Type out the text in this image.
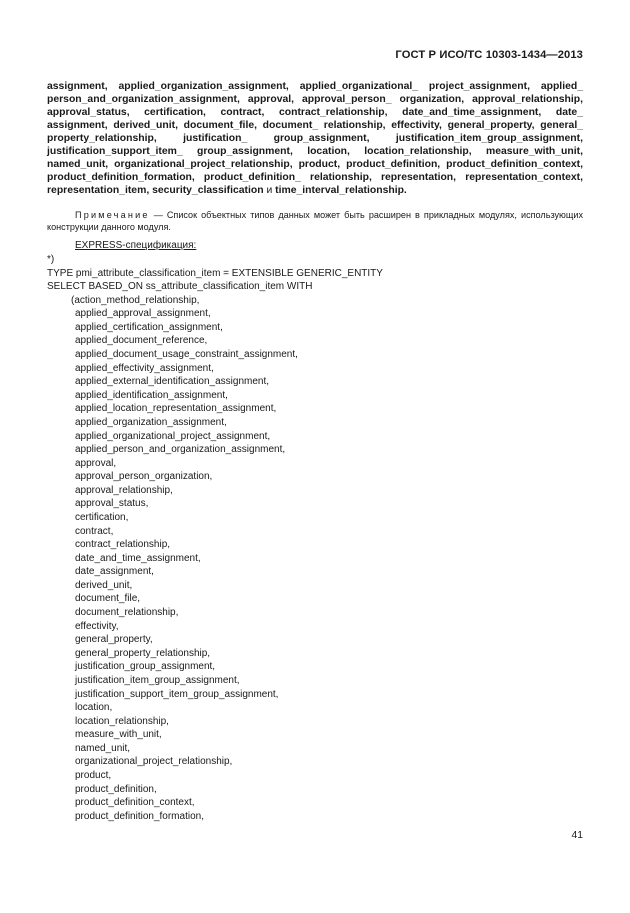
ГОСТ Р ИСО/ТС 10303-1434—2013

assignment, applied_organization_assignment, applied_organizational_ project_assignment, applied_ person_and_organization_assignment, approval, approval_person_ organization, approval_relationship, approval_status, certification, contract, contract_relationship, date_and_time_assignment, date_ assignment, derived_unit, document_file, document_ relationship, effectivity, general_property, general_ property_relationship, justification_ group_assignment, justification_item_group_assignment, justification_support_item_ group_assignment, location, location_relationship, measure_with_unit, named_unit, organizational_project_relationship, product, product_definition, product_definition_context, product_definition_formation, product_definition_ relationship, representation, representation_context, representation_item, security_classification и time_interval_relationship.

Примечание — Список объектных типов данных может быть расширен в прикладных модулях, использующих конструкции данного модуля.

EXPRESS-спецификация:
*)
TYPE pmi_attribute_classification_item = EXTENSIBLE GENERIC_ENTITY
SELECT BASED_ON ss_attribute_classification_item WITH
(action_method_relationship,
applied_approval_assignment,
applied_certification_assignment,
applied_document_reference,
applied_document_usage_constraint_assignment,
applied_effectivity_assignment,
applied_external_identification_assignment,
applied_identification_assignment,
applied_location_representation_assignment,
applied_organization_assignment,
applied_organizational_project_assignment,
applied_person_and_organization_assignment,
approval,
approval_person_organization,
approval_relationship,
approval_status,
certification,
contract,
contract_relationship,
date_and_time_assignment,
date_assignment,
derived_unit,
document_file,
document_relationship,
effectivity,
general_property,
general_property_relationship,
justification_group_assignment,
justification_item_group_assignment,
justification_support_item_group_assignment,
location,
location_relationship,
measure_with_unit,
named_unit,
organizational_project_relationship,
product,
product_definition,
product_definition_context,
product_definition_formation,
41
